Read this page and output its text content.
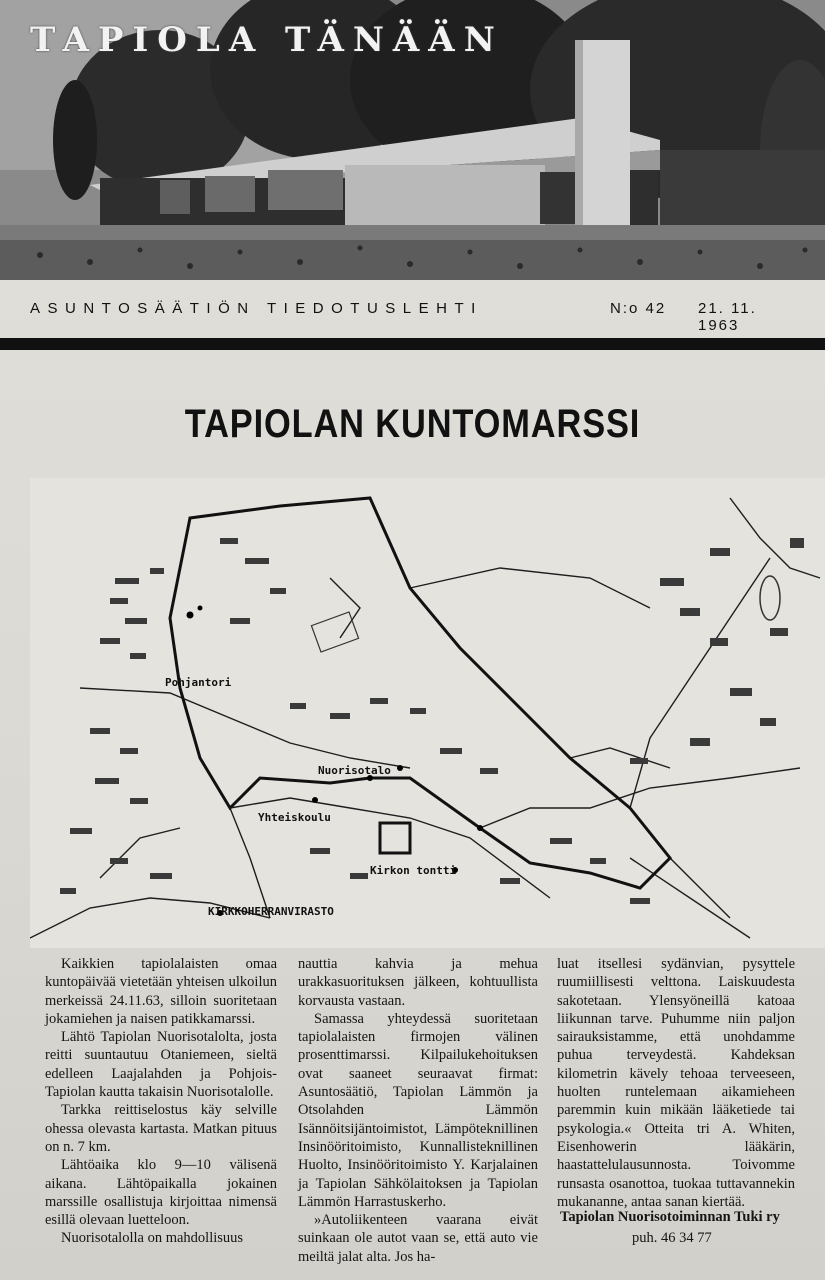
TAPIOLA TÄNÄÄN
ASUNTOSÄÄTIÖN TIEDOTUSLEHTI	N:o 42 21. 11. 1963
TAPIOLAN KUNTOMARSSI
Pohjantori
Nuorisotalo
Yhteiskoulu
Kirkon tontti
KIRKKOHERRANVIRASTO

Kaikkien tapiolalaisten omaa kuntopäivää vietetään yhteisen ulkoilun merkeissä 24.11.63, silloin suoritetaan jokamiehen ja naisen patikkamarssi.

Lähtö Tapiolan Nuorisotalolta, josta reitti suuntautuu Otaniemeen, sieltä edelleen Laajalahden ja Pohjois-Tapiolan kautta takaisin Nuorisotalolle.

Tarkka reittiselostus käy selville ohessa olevasta kartasta. Matkan pituus on n. 7 km.

Lähtöaika klo 9—10 välisenä aikana. Lähtöpaikalla jokainen marssille osallistuja kirjoittaa nimensä esillä olevaan luetteloon.

Nuorisotalolla on mahdollisuus

nauttia kahvia ja mehua urakkasuorituksen jälkeen, kohtuullista korvausta vastaan.

Samassa yhteydessä suoritetaan tapiolalaisten firmojen välinen prosenttimarssi. Kilpailukehoituksen ovat saaneet seuraavat firmat: Asuntosäätiö, Tapiolan Lämmön ja Otsolahden Lämmön Isännöitsijäntoimistot, Lämpöteknillinen Insinööritoimisto, Kunnallisteknillinen Huolto, Insinööritoimisto Y. Karjalainen ja Tapiolan Sähkölaitoksen ja Tapiolan Lämmön Harrastuskerho.

»Autoliikenteen vaarana eivät suinkaan ole autot vaan se, että auto vie meiltä jalat alta. Jos ha-

luat itsellesi sydänvian, pysyttele ruumiillisesti velttona. Laiskuudesta sakotetaan. Ylensyöneillä katoaa liikunnan tarve. Puhumme niin paljon sairauksistamme, että unohdamme puhua terveydestä. Kahdeksan kilometrin kävely tehoaa terveeseen, huolten runtelemaan aikamieheen paremmin kuin mikään lääketiede tai psykologia.« Otteita tri A. Whiten, Eisenhowerin lääkärin, haastattelulausunnosta. Toivomme runsasta osanottoa, tuokaa tuttavannekin mukananne, antaa sanan kiertää.

Tapiolan Nuorisotoiminnan Tuki ry
puh. 46 34 77
